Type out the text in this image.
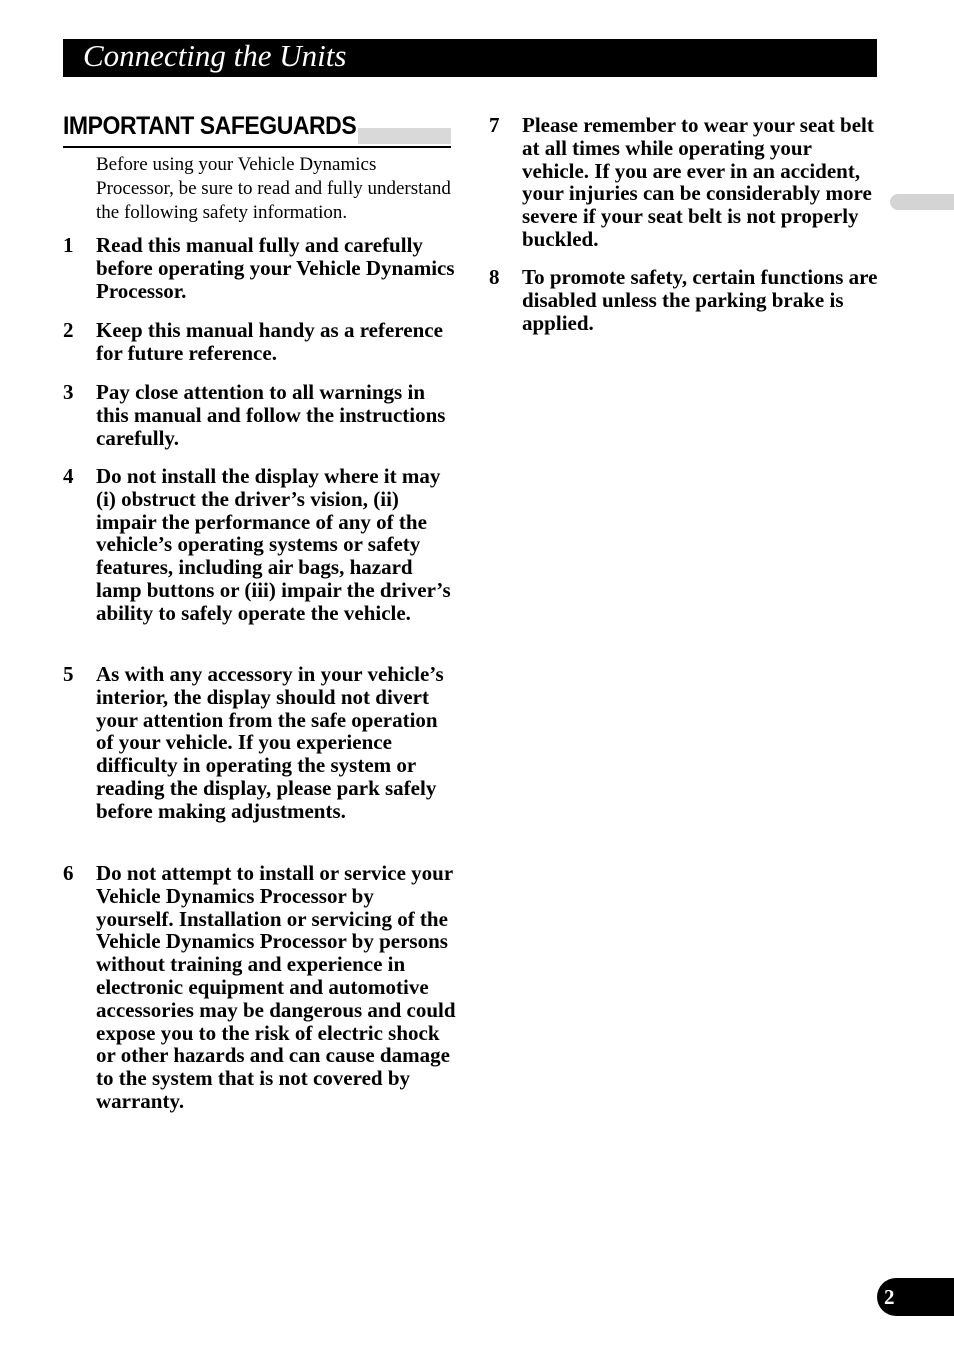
Connecting the Units
IMPORTANT SAFEGUARDS
Before using your Vehicle Dynamics Processor, be sure to read and fully understand the following safety information.
1 Read this manual fully and carefully before operating your Vehicle Dynamics Processor.
2 Keep this manual handy as a reference for future reference.
3 Pay close attention to all warnings in this manual and follow the instructions carefully.
4 Do not install the display where it may (i) obstruct the driver’s vision, (ii) impair the performance of any of the vehicle’s operating systems or safety features, including air bags, hazard lamp buttons or (iii) impair the driver’s ability to safely operate the vehicle.
5 As with any accessory in your vehicle’s interior, the display should not divert your attention from the safe operation of your vehicle. If you experience difficulty in operating the system or reading the display, please park safely before making adjustments.
6 Do not attempt to install or service your Vehicle Dynamics Processor by yourself. Installation or servicing of the Vehicle Dynamics Processor by persons without training and experience in electronic equipment and automotive accessories may be dangerous and could expose you to the risk of electric shock or other hazards and can cause damage to the system that is not covered by warranty.
7 Please remember to wear your seat belt at all times while operating your vehicle. If you are ever in an accident, your injuries can be considerably more severe if your seat belt is not properly buckled.
8 To promote safety, certain functions are disabled unless the parking brake is applied.
2
